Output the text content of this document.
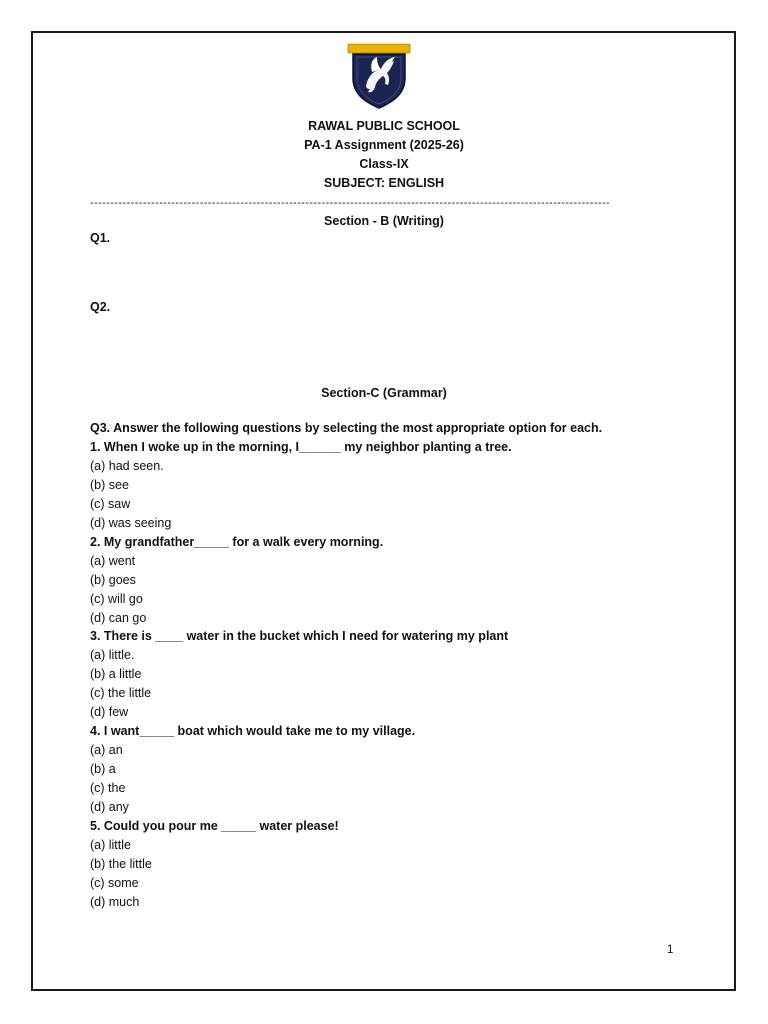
RAWAL PUBLIC SCHOOL
PA-1 Assignment (2025-26)
Class-IX
SUBJECT: ENGLISH
--------------------------------------------------------------------------------------------------------------------------------
Section - B (Writing)
Q1.
Q2.
Section-C (Grammar)
Q3. Answer the following questions by selecting the most appropriate option for each.
1. When I woke up in the morning, I______ my neighbor planting a tree.
(a) had seen.
(b) see
(c) saw
(d) was seeing
2. My grandfather_____ for a walk every morning.
(a) went
(b) goes
(c) will go
(d) can go
3. There is ____ water in the bucket which I need for watering my plant
(a) little.
(b) a little
(c) the little
(d) few
4. I want_____ boat which would take me to my village.
(a) an
(b) a
(c) the
(d) any
5. Could you pour me _____ water please!
(a) little
(b) the little
(c) some
(d) much
1
